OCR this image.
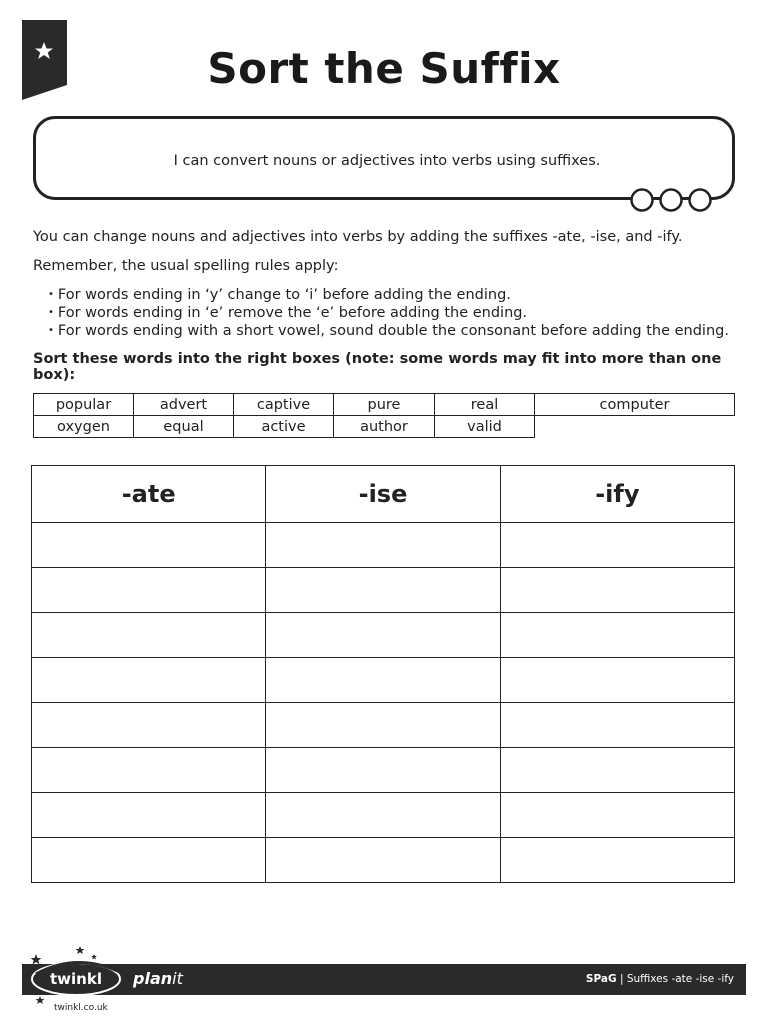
Sort the Suffix
I can convert nouns or adjectives into verbs using suffixes.

You can change nouns and adjectives into verbs by adding the suffixes -ate, -ise, and -ify.

Remember, the usual spelling rules apply:

• For words ending in ‘y’ change to ‘i’ before adding the ending.
• For words ending in ‘e’ remove the ‘e’ before adding the ending.
• For words ending with a short vowel, sound double the consonant before adding the ending.

Sort these words into the right boxes (note: some words may fit into more than one box):

popular	advert	captive	pure	real	computer
oxygen	equal	active	author	valid	
-ate	-ise	-ify

twinkl planit	SPaG | Suffixes -ate -ise -ify
twinkl.co.uk
